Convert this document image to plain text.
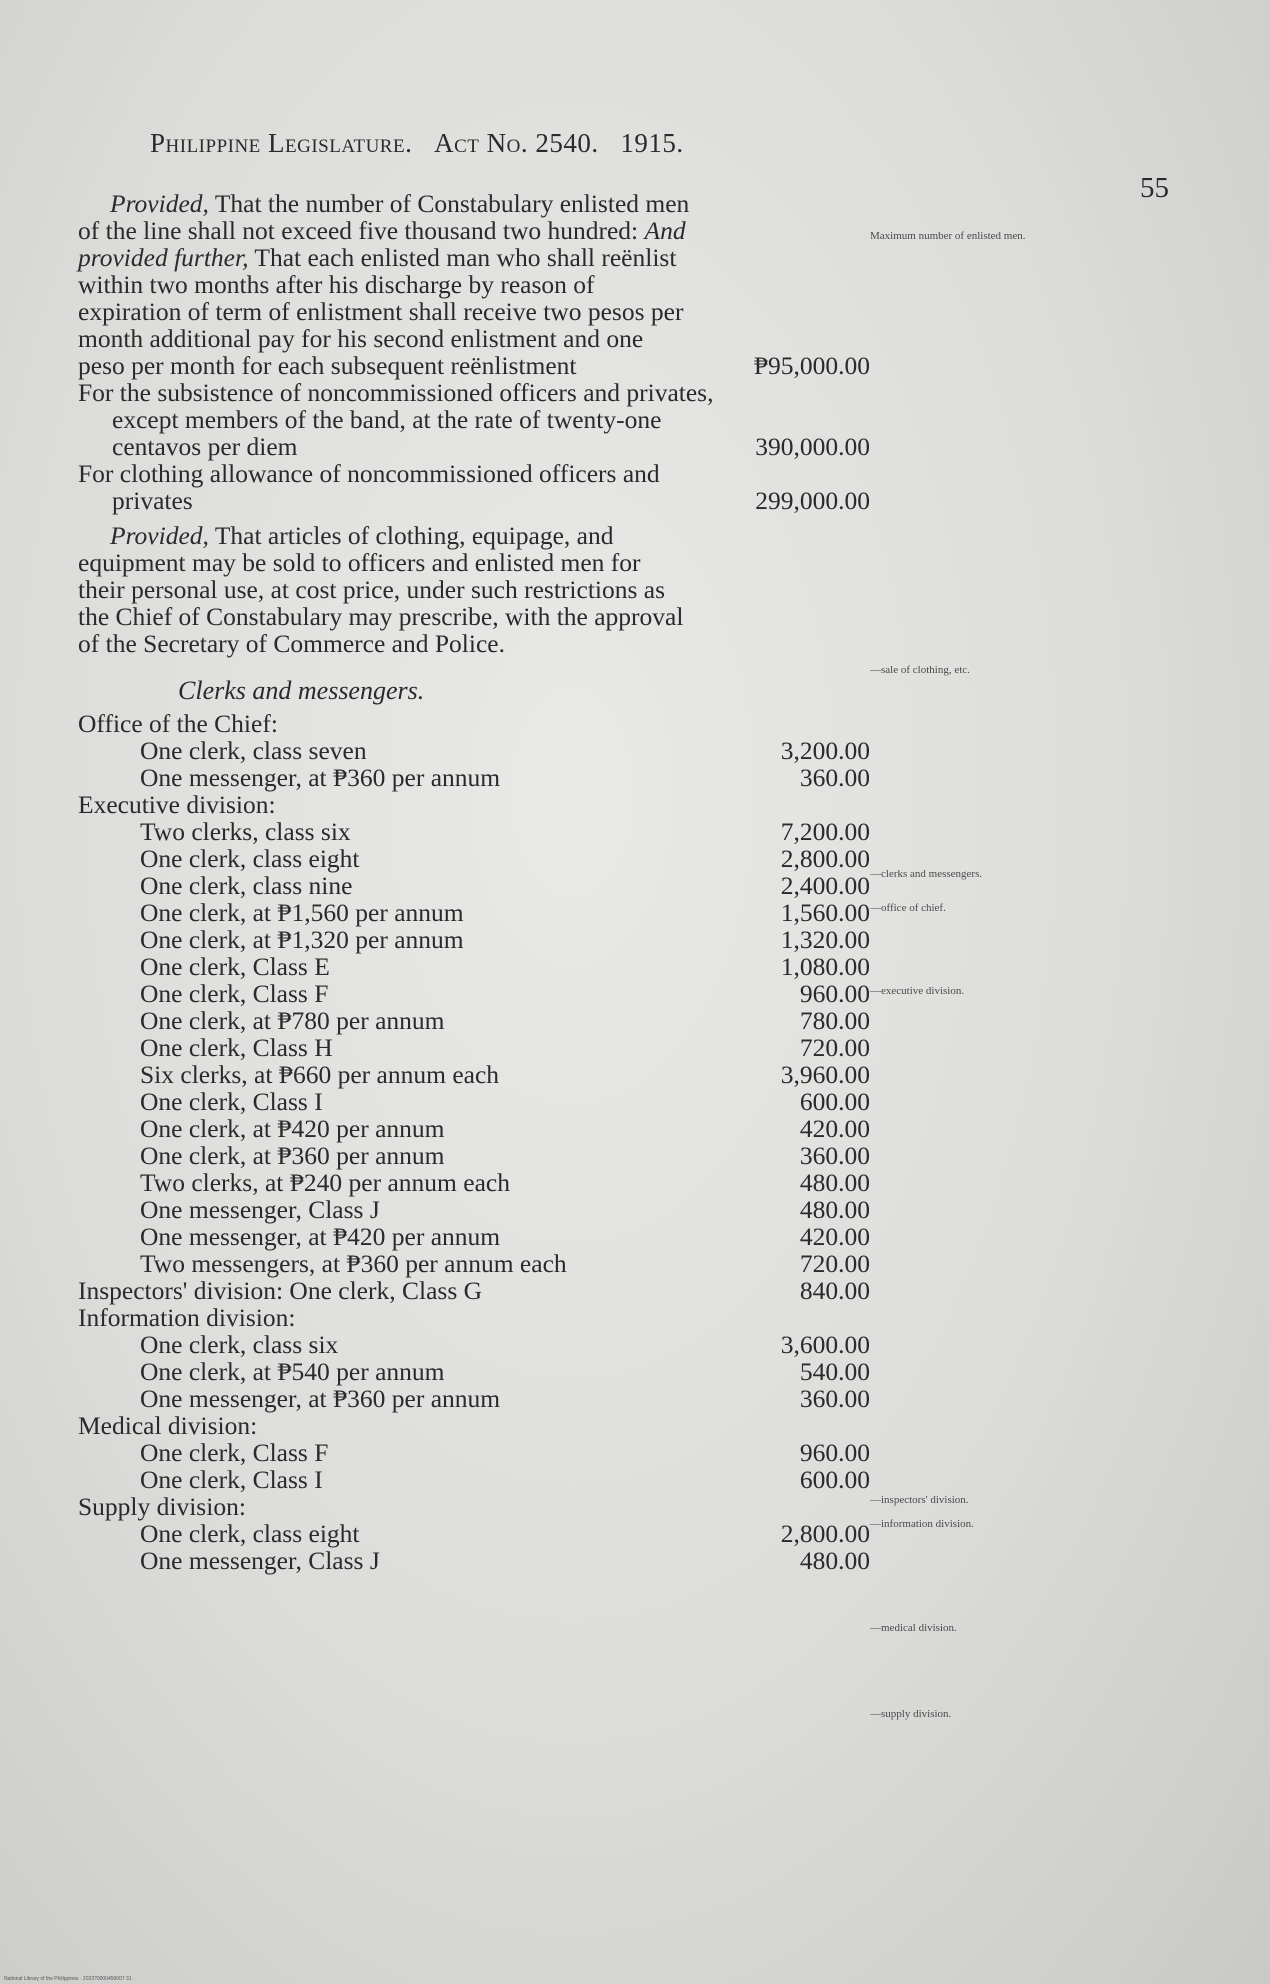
Philippine Legislature. Act No. 2540. 1915.
55
Maximum number of enlisted men.
—sale of clothing, etc.
—clerks and messengers.
—office of chief.
—executive division.
—inspectors' division.
—information division.
—medical division.
—supply division.
Provided, That the number of Constabulary enlisted men of the line shall not exceed five thousand two hundred: And provided further, That each enlisted man who shall reënlist within two months after his discharge by reason of expiration of term of enlistment shall receive two pesos per month additional pay for his second enlistment and one peso per month for each subsequent reënlistment	₱95,000.00
For the subsistence of noncommissioned officers and privates, except members of the band, at the rate of twenty-one centavos per diem	390,000.00
For clothing allowance of noncommissioned officers and privates	299,000.00
Provided, That articles of clothing, equipage, and equipment may be sold to officers and enlisted men for their personal use, at cost price, under such restrictions as the Chief of Constabulary may prescribe, with the approval of the Secretary of Commerce and Police.
Clerks and messengers.
Office of the Chief:
One clerk, class seven	3,200.00
One messenger, at ₱360 per annum	360.00
Executive division:
Two clerks, class six	7,200.00
One clerk, class eight	2,800.00
One clerk, class nine	2,400.00
One clerk, at ₱1,560 per annum	1,560.00
One clerk, at ₱1,320 per annum	1,320.00
One clerk, Class E	1,080.00
One clerk, Class F	960.00
One clerk, at ₱780 per annum	780.00
One clerk, Class H	720.00
Six clerks, at ₱660 per annum each	3,960.00
One clerk, Class I	600.00
One clerk, at ₱420 per annum	420.00
One clerk, at ₱360 per annum	360.00
Two clerks, at ₱240 per annum each	480.00
One messenger, Class J	480.00
One messenger, at ₱420 per annum	420.00
Two messengers, at ₱360 per annum each	720.00
Inspectors' division: One clerk, Class G	840.00
Information division:
One clerk, class six	3,600.00
One clerk, at ₱540 per annum	540.00
One messenger, at ₱360 per annum	360.00
Medical division:
One clerk, Class F	960.00
One clerk, Class I	600.00
Supply division:
One clerk, class eight	2,800.00
One messenger, Class J	480.00
National Library of the Philippines · 2023?0000450007 31
